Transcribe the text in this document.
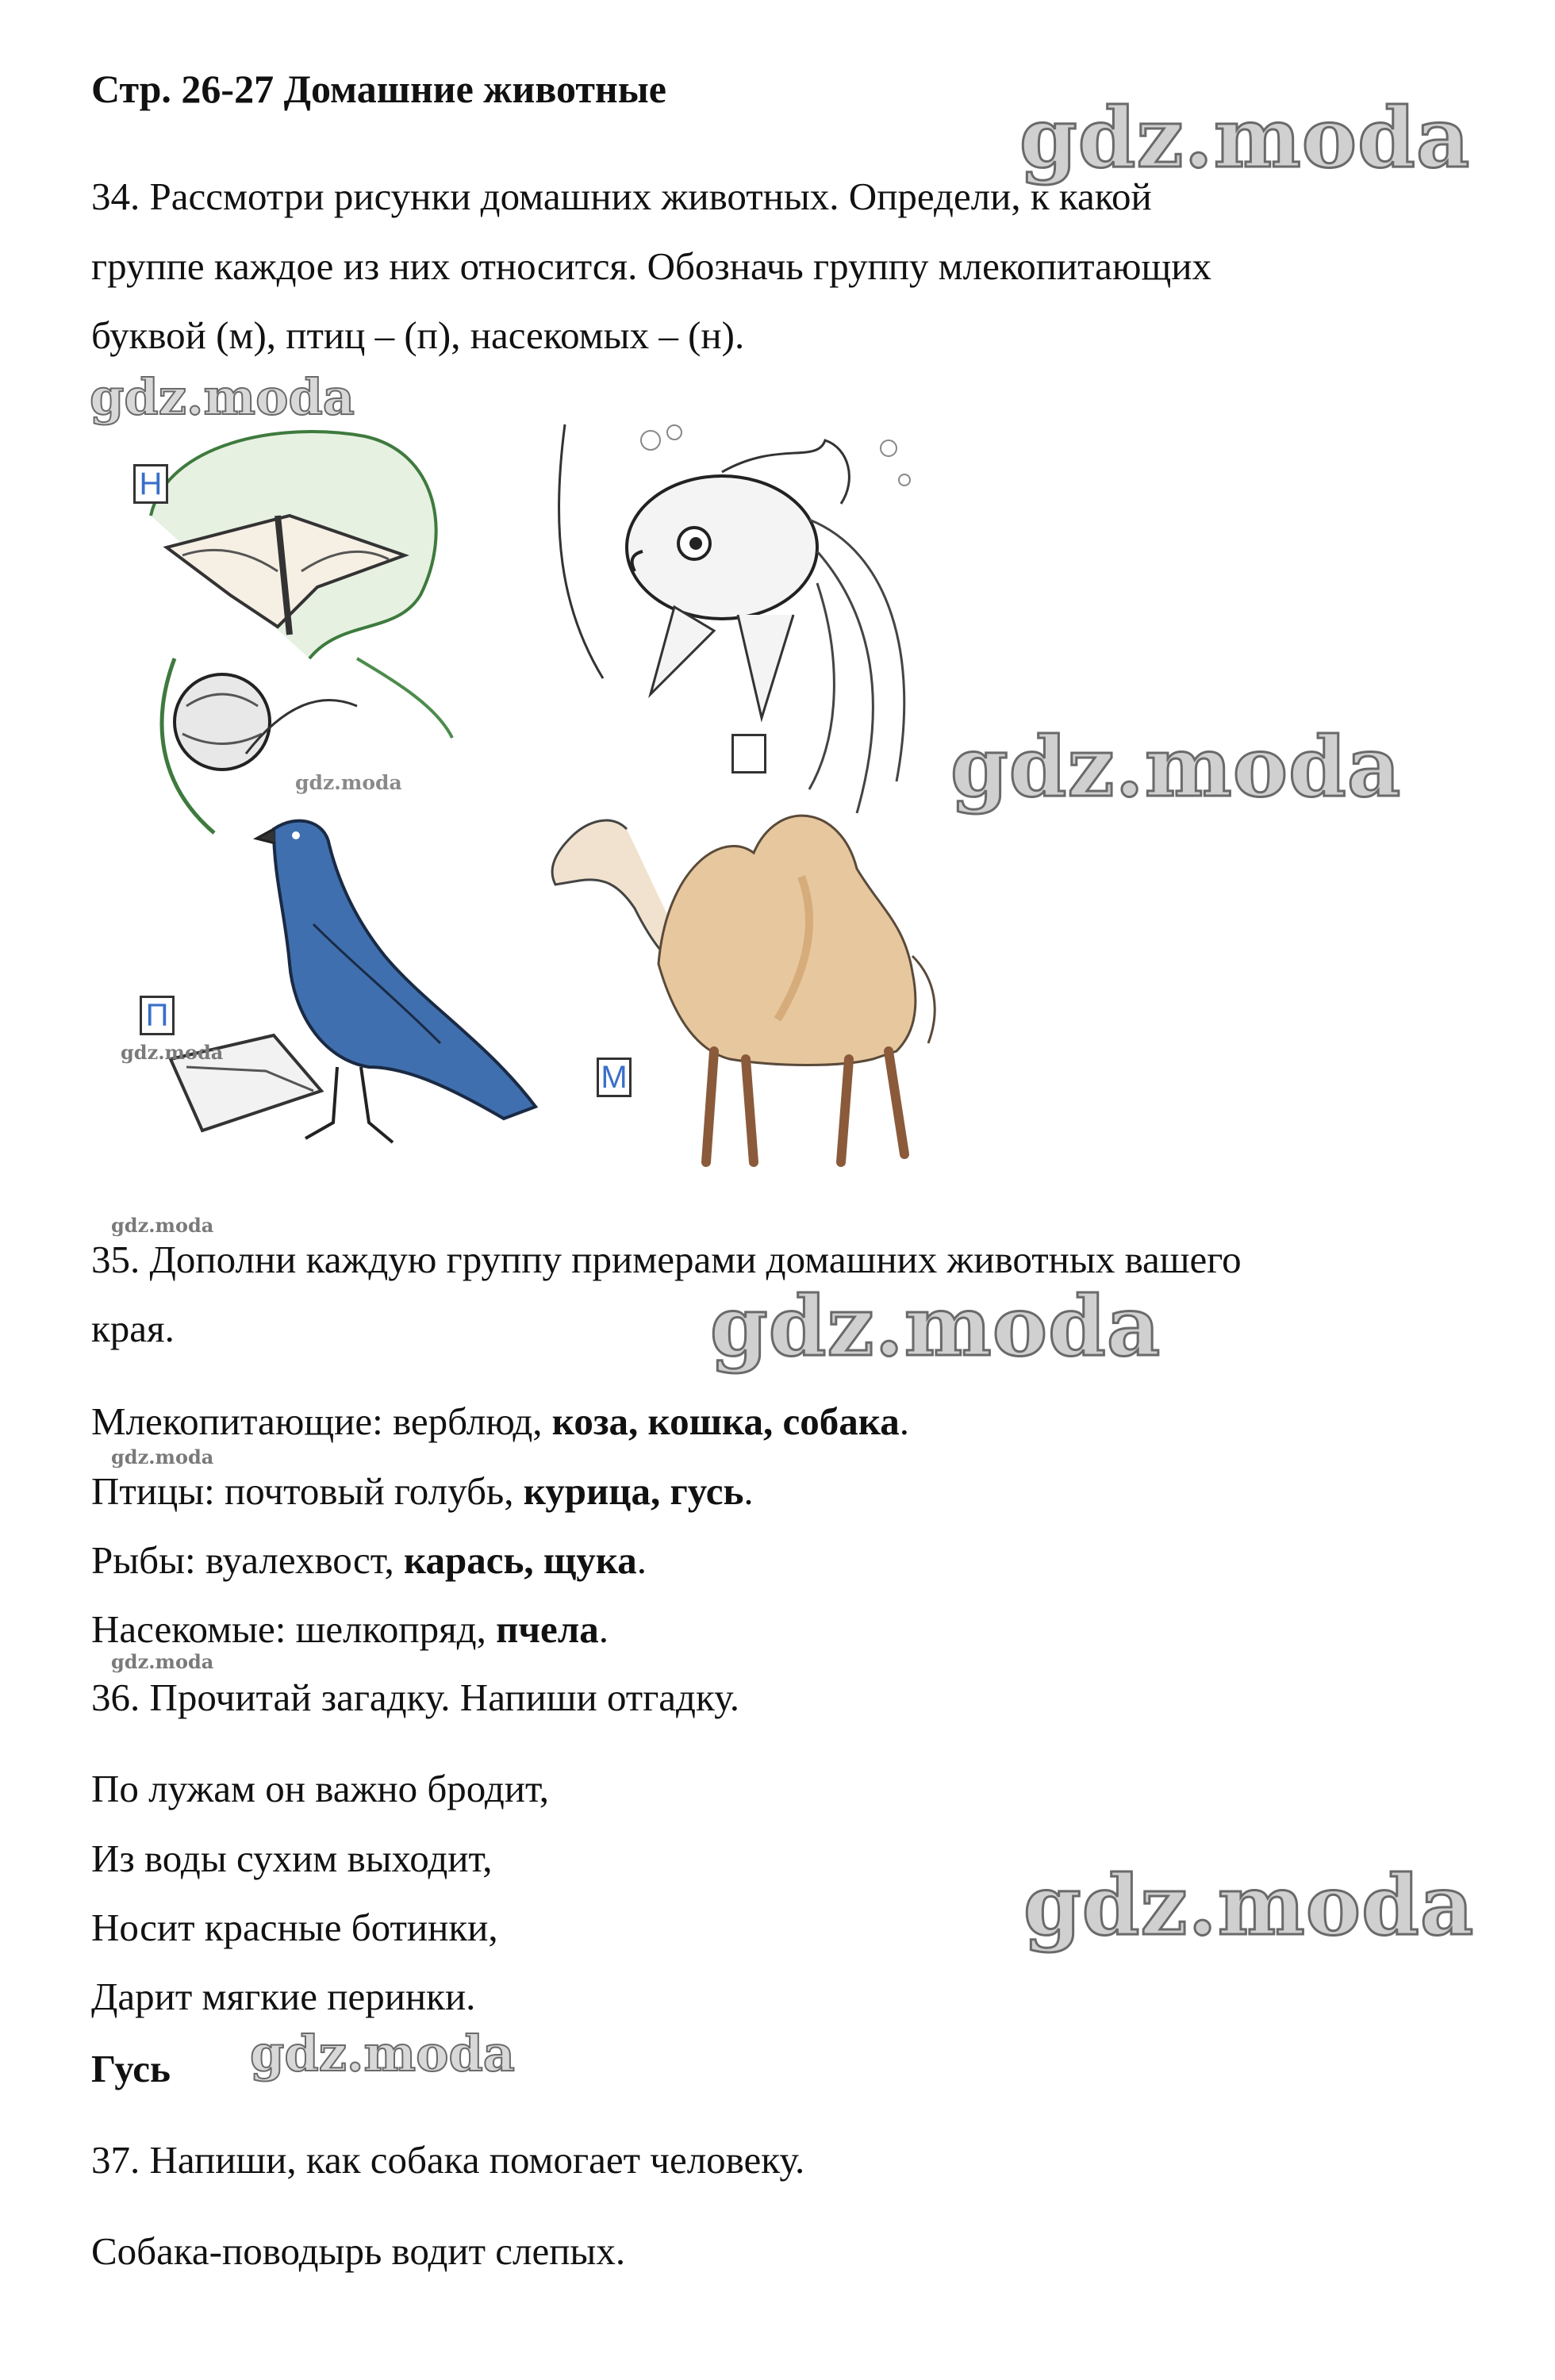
Стр. 26-27 Домашние животные	gdz.moda
34. Рассмотри рисунки домашних животных. Определи, к какой
группе каждое из них относится. Обозначь группу млекопитающих
буквой (м), птиц – (п), насекомых – (н).
gdz.moda
Н
gdz.moda	gdz.moda
П
gdz.moda
М
gdz.moda
35. Дополни каждую группу примерами домашних животных вашего
края.	gdz.moda
Млекопитающие: верблюд, коза, кошка, собака.
gdz.moda
Птицы: почтовый голубь, курица, гусь.
Рыбы: вуалехвост, карась, щука.
Насекомые: шелкопряд, пчела.
gdz.moda
36. Прочитай загадку. Напиши отгадку.
По лужам он важно бродит,
Из воды сухим выходит,
Носит красные ботинки,
Дарит мягкие перинки.
gdz.moda
Гусь gdz.moda
37. Напиши, как собака помогает человеку.
Собака-поводырь водит слепых.
